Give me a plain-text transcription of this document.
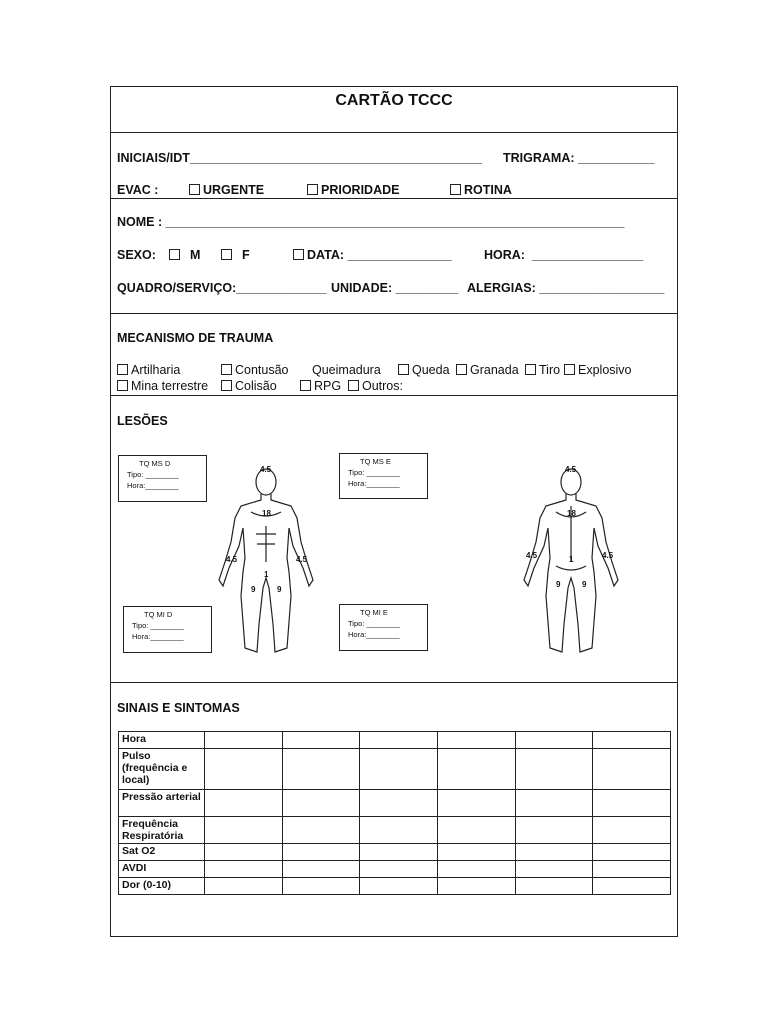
CARTÃO TCCC
INICIAIS/IDT__________________________________________ TRIGRAMA: ___________
EVAC :	URGENTE	PRIORIDADE	ROTINA
NOME : __________________________________________________________________
SEXO:	M	F	DATA: _______________	HORA: ________________
QUADRO/SERVIÇO:_____________ UNIDADE: _________ ALERGIAS: __________________
MECANISMO DE TRAUMA
Artilharia	Contusão Queimadura	Queda	Granada	Tiro	Explosivo
Mina terrestre	Colisão	RPG	Outros:
LESÕES
TQ MS D
Tipo: ________
Hora:________
TQ MS E
Tipo: ________
Hora:________
TQ MI D
Tipo: ________
Hora:________
TQ MI E
Tipo: ________
Hora:________
4.5
18
4.5	4.5
1
9	9
4.5
18
4.5	4.5
1
9	9
SINAIS E SINTOMAS
Hora						
Pulso (frequência e local)						
Pressão arterial						
Frequência Respiratória						
Sat O2						
AVDI						
Dor (0-10)						
